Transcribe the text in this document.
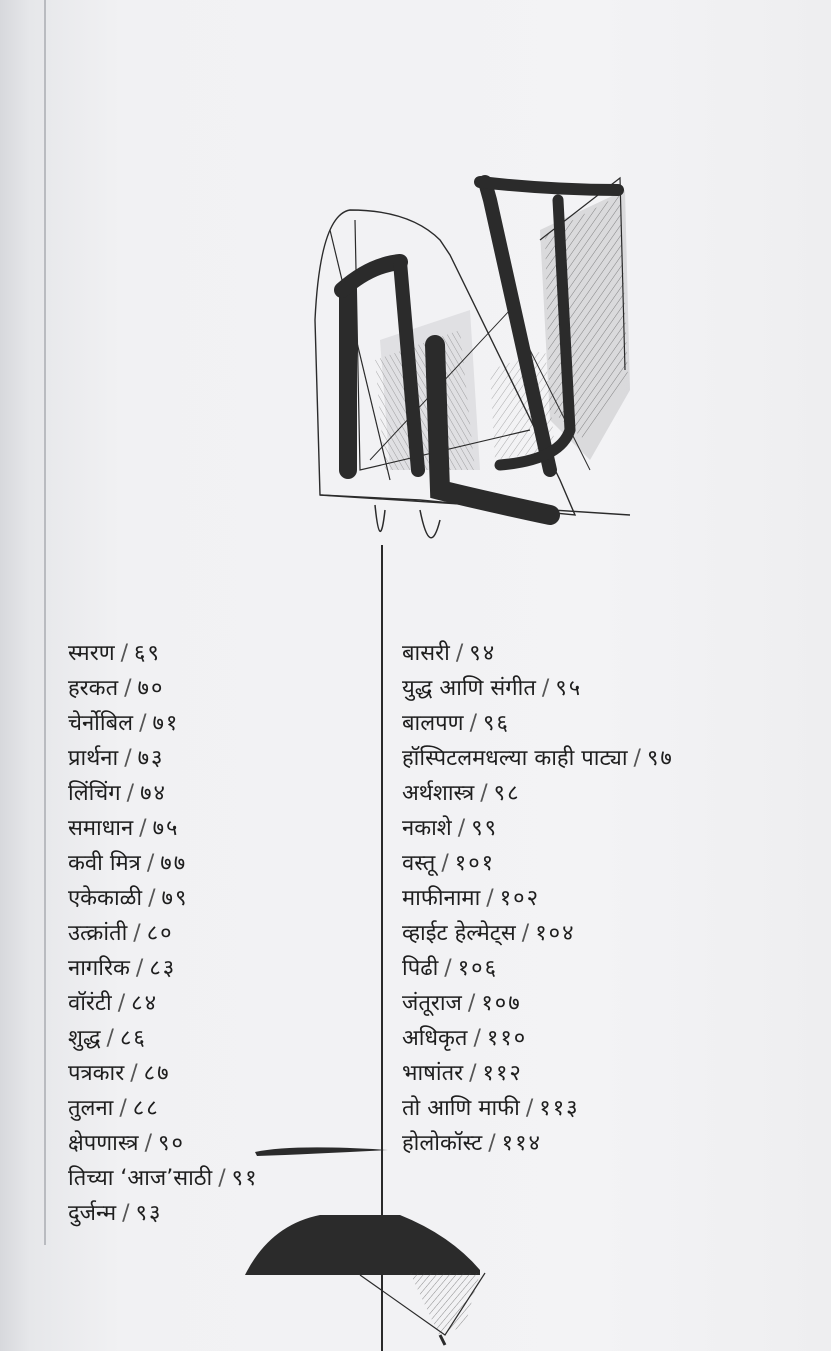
स्मरण / ६९
हरकत / ७०
चेर्नोबिल / ७१
प्रार्थना / ७३
लिंचिंग / ७४
समाधान / ७५
कवी मित्र / ७७
एकेकाळी / ७९
उत्क्रांती / ८०
नागरिक / ८३
वॉरंटी / ८४
शुद्ध / ८६
पत्रकार / ८७
तुलना / ८८
क्षेपणास्त्र / ९०
तिच्या ‘आज’साठी / ९१
दुर्जन्म / ९३
बासरी / ९४
युद्ध आणि संगीत / ९५
बालपण / ९६
हॉस्पिटलमधल्या काही पाट्या / ९७
अर्थशास्त्र / ९८
नकाशे / ९९
वस्तू / १०१
माफीनामा / १०२
व्हाईट हेल्मेट्स / १०४
पिढी / १०६
जंतूराज / १०७
अधिकृत / ११०
भाषांतर / ११२
तो आणि माफी / ११३
होलोकॉस्ट / ११४
